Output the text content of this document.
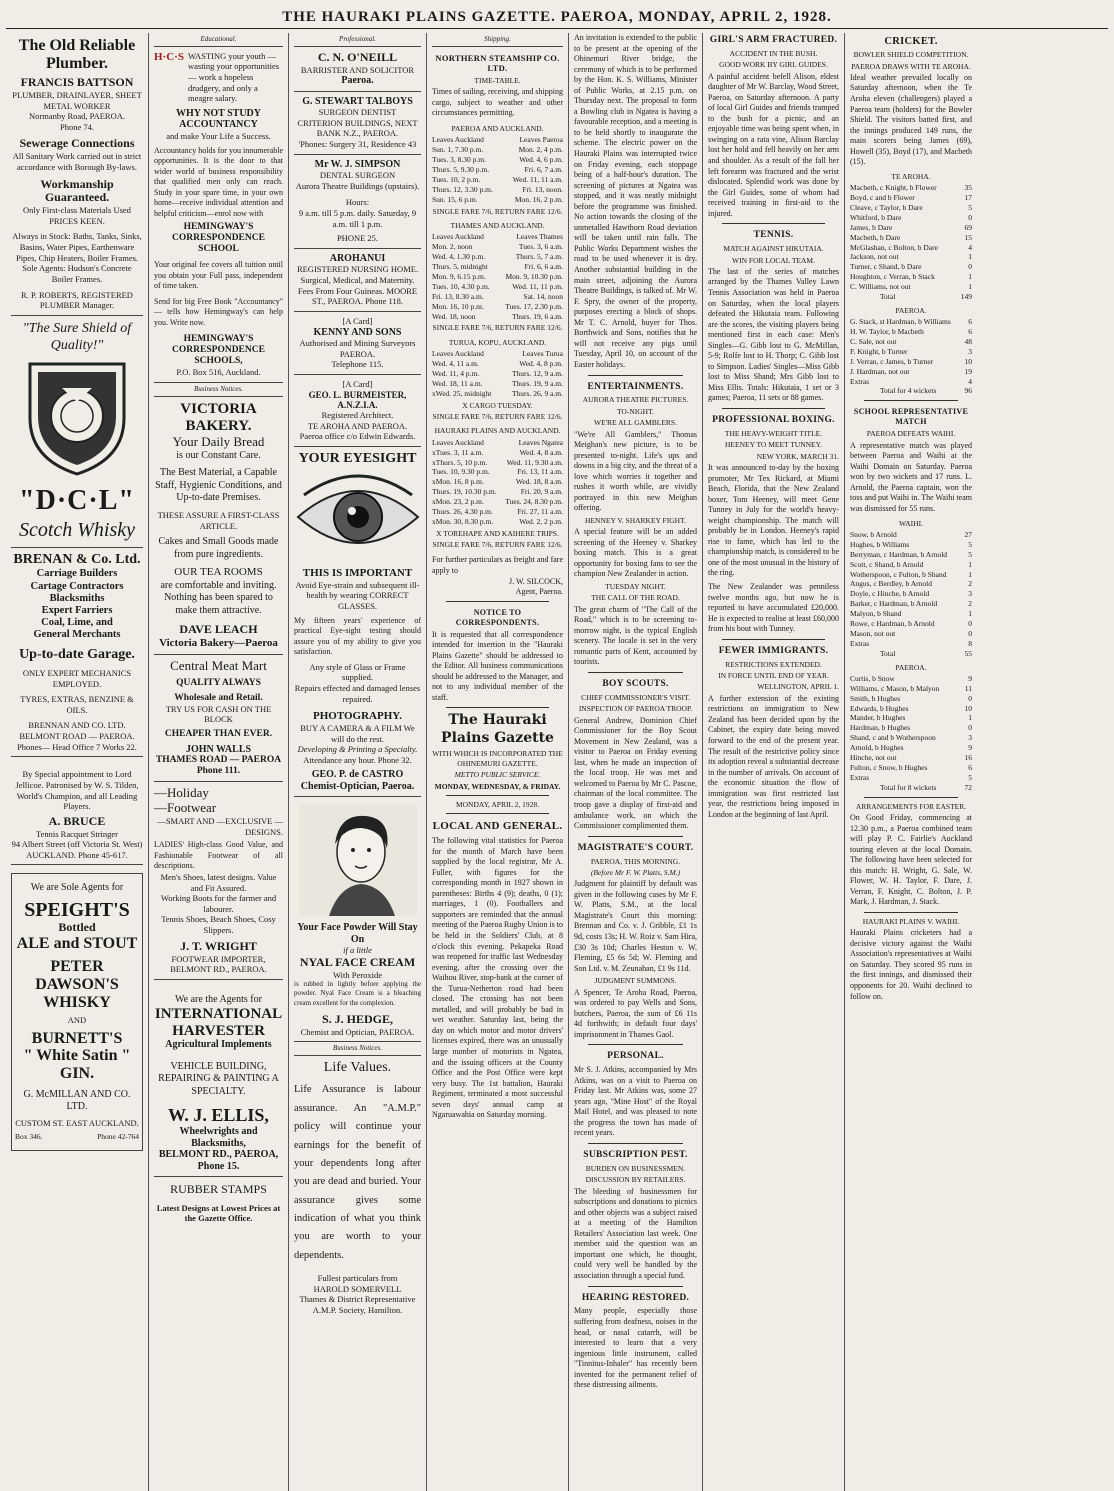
THE HAURAKI PLAINS GAZETTE. PAEROA, MONDAY, APRIL 2, 1928.
The Old Reliable Plumber.
FRANCIS BATTSON
PLUMBER, DRAINLAYER, SHEET METAL WORKER
Normanby Road, PAEROA.
Phone 74.
Sewerage Connections
All Sanitary Work carried out in strict accordance with Borough By-laws.
Workmanship Guaranteed.
Only First-class Materials Used PRICES KEEN.
Always in Stock: Baths, Tanks, Sinks, Basins, Water Pipes, Earthenware Pipes, Chip Heaters, Boiler Frames.
Sole Agents: Hudson's Concrete Boiler Frames.
R. P. ROBERTS, REGISTERED PLUMBER Manager.
"The Sure Shield of Quality!"
"D·C·L"
Scotch Whisky
BRENAN & Co. Ltd.
Carriage Builders
Cartage Contractors
Blacksmiths
Expert Farriers
Coal, Lime, and
General Merchants
Up-to-date Garage.
ONLY EXPERT MECHANICS EMPLOYED.
TYRES, EXTRAS, BENZINE & OILS.
BRENNAN AND CO. LTD. BELMONT ROAD — PAEROA. Phones— Head Office 7 Works 22.
By Special appointment to Lord Jellicoe. Patronised by W. S. Tilden, World's Champion, and all Leading Players.
A. BRUCE
Tennis Racquet Stringer
94 Albert Street (off Victoria St. West) AUCKLAND. Phone 45-617.
We are Sole Agents for
SPEIGHT'S
Bottled
ALE and STOUT
PETER
DAWSON'S
WHISKY
AND
BURNETT'S
" White Satin "
GIN.
G. McMILLAN AND CO. LTD.
CUSTOM ST. EAST AUCKLAND.
Box 346.	Phone 42-764
Educational.
H·C·S WASTING your youth — wasting your opportunities — work a hopeless drudgery, and only a meagre salary.
WHY NOT STUDY ACCOUNTANCY
and make Your Life a Success.
Accountancy holds for you innumerable opportunities. It is the door to that wider world of business responsibility that qualified men only can reach. Study in your spare time, in your own home—receive individual attention and helpful criticism—enrol now with
HEMINGWAY'S CORRESPONDENCE SCHOOL
Your original fee covers all tuition until you obtain your Full pass, independent of time taken.
Send for big Free Book "Accountancy" — tells how Hemingway's can help you. Write now.
HEMINGWAY'S CORRESPONDENCE SCHOOLS,
P.O. Box 516, Auckland.
Business Notices.
VICTORIA BAKERY.
Your Daily Bread
is our Constant Care.
The Best Material, a Capable Staff, Hygienic Conditions, and Up-to-date Premises.
THESE ASSURE A FIRST-CLASS ARTICLE.
Cakes and Small Goods made from pure ingredients.
OUR TEA ROOMS
are comfortable and inviting. Nothing has been spared to make them attractive.
DAVE LEACH
Victoria Bakery—Paeroa
Central Meat Mart
QUALITY ALWAYS
Wholesale and Retail.
TRY US FOR CASH ON THE BLOCK
CHEAPER THAN EVER.
JOHN WALLS
THAMES ROAD — PAEROA Phone 111.
—Holiday
—Footwear
—SMART AND —EXCLUSIVE —DESIGNS.
LADIES' High-class Good Value, and Fashionable Footwear of all descriptions.
Men's Shoes, latest designs. Value and Fit Assured.
Working Boots for the farmer and labourer.
Tennis Shoes, Beach Shoes, Cosy Slippers.
J. T. WRIGHT
FOOTWEAR IMPORTER, BELMONT RD., PAEROA.
We are the Agents for
INTERNATIONAL
HARVESTER
Agricultural Implements
VEHICLE BUILDING, REPAIRING & PAINTING A SPECIALTY.
W. J. ELLIS,
Wheelwrights and Blacksmiths,
BELMONT RD., PAEROA,
Phone 15.
RUBBER STAMPS
Latest Designs at Lowest Prices at the Gazette Office.
Professional.
C. N. O'NEILL
BARRISTER AND SOLICITOR
Paeroa.
G. STEWART TALBOYS
SURGEON DENTIST
CRITERION BUILDINGS, NEXT BANK N.Z., PAEROA.
'Phones: Surgery 31, Residence 43
Mr W. J. SIMPSON
DENTAL SURGEON
Aurora Theatre Buildings (upstairs).
Hours:
9 a.m. till 5 p.m. daily. Saturday, 9 a.m. till 1 p.m.
PHONE 25.
AROHANUI
REGISTERED NURSING HOME.
Surgical, Medical, and Maternity. Fees From Four Guineas. MOORE ST., PAEROA. Phone 118.
[A Card]
KENNY AND SONS
Authorised and Mining Surveyors PAEROA.
Telephone 115.
[A Card]
GEO. L. BURMEISTER, A.N.Z.I.A.
Registered Architect.
TE AROHA AND PAEROA.
Paeroa office c/o Edwin Edwards.
YOUR EYESIGHT
THIS IS IMPORTANT
Avoid Eye-strain and subsequent ill-health by wearing CORRECT GLASSES.
My fifteen years' experience of practical Eye-sight testing should assure you of my ability to give you satisfaction.
Any style of Glass or Frame supplied.
Repairs effected and damaged lenses repaired.
PHOTOGRAPHY.
BUY A CAMERA & A FILM We will do the rest.
Developing & Printing a Specialty.
Attendance any hour. Phone 32.
GEO. P. de CASTRO
Chemist-Optician, Paeroa.
Your Face Powder Will Stay On
if a little
NYAL FACE CREAM
With Peroxide
is rubbed in lightly before applying the powder. Nyal Face Cream is a bleaching cream excellent for the complexion.
S. J. HEDGE,
Chemist and Optician, PAEROA.
Business Notices.
Life Values.
Life Assurance is labour assurance. An "A.M.P." policy will continue your earnings for the benefit of your dependents long after you are dead and buried. Your assurance gives some indication of what you think you are worth to your dependents.
Fullest particulars from
HAROLD SOMERVELL
Thames & District Representative A.M.P. Society, Hamilton.
Shipping.
NORTHERN STEAMSHIP CO. LTD.
TIME-TABLE.

Times of sailing, receiving, and shipping cargo, subject to weather and other circumstances permitting.

PAEROA AND AUCKLAND.
Leaves Auckland	Leaves Paeroa
Sun. 1, 7.30 p.m.	Mon. 2, 4 p.m.
Tues. 3, 8.30 p.m.	Wed. 4, 6 p.m.
Thurs. 5, 9.30 p.m.	Fri. 6, 7 a.m.
Tues. 10, 2 p.m.	Wed. 11, 11 a.m.
Thurs. 12, 3.30 p.m.	Fri. 13, noon.
Sun. 15, 6 p.m.	Mon. 16, 2 p.m.
SINGLE FARE 7/6, RETURN FARE 12/6.
THAMES AND AUCKLAND.
Leaves Auckland	Leaves Thames
Mon. 2, noon	Tues. 3, 6 a.m.
Wed. 4, 1.30 p.m.	Thurs. 5, 7 a.m.
Thurs. 5, midnight	Fri. 6, 6 a.m.
Mon. 9, 6.15 p.m.	Mon. 9, 10.30 p.m.
Tues. 10, 4.30 p.m.	Wed. 11, 11 p.m.
Fri. 13, 8.30 a.m.	Sat. 14, noon
Mon. 16, 10 p.m.	Tues. 17, 2.30 p.m.
Wed. 18, noon	Thurs. 19, 6 a.m.
SINGLE FARE 7/6, RETURN FARE 12/6.
TURUA, KOPU, AUCKLAND.
Leaves Auckland	Leaves Turua
Wed. 4, 11 a.m.	Wed. 4, 8 p.m.
Wed. 11, 4 p.m.	Thurs. 12, 9 a.m.
Wed. 18, 11 a.m.	Thurs. 19, 9 a.m.
xWed. 25, midnight	Thurs. 26, 9 a.m.
X CARGO TUESDAY.
SINGLE FARE 7/6, RETURN FARE 12/6.
HAURAKI PLAINS AND AUCKLAND.
Leaves Auckland	Leaves Ngatea
xTues. 3, 11 a.m.	Wed. 4, 8 a.m.
xThurs. 5, 10 p.m.	Wed. 11, 9.30 a.m.
Tues. 10, 9.30 p.m.	Fri. 13, 11 a.m.
xMon. 16, 8 p.m.	Wed. 18, 8 a.m.
Thurs. 19, 10.30 p.m.	Fri. 20, 9 a.m.
xMon. 23, 2 p.m.	Tues. 24, 8.30 p.m.
Thurs. 26, 4.30 p.m.	Fri. 27, 11 a.m.
xMon. 30, 8.30 p.m.	Wed. 2, 2 p.m.
X TOREHAPE AND KAIHERE TRIPS.
SINGLE FARE 7/6, RETURN FARE 12/6.

For further particulars as freight and fare apply to

J. W. SILCOCK,
Agent, Paeroa.
NOTICE TO CORRESPONDENTS.

It is requested that all correspondence intended for insertion in the "Hauraki Plains Gazette" should be addressed to the Editor. All business communications should be addressed to the Manager, and not to any individual member of the staff.

The Hauraki Plains Gazette
WITH WHICH IS INCORPORATED THE OHINEMURI GAZETTE.
METTO PUBLIC SERVICE.
MONDAY, WEDNESDAY, & FRIDAY.
MONDAY, APRIL 2, 1928.
LOCAL AND GENERAL.

The following vital statistics for Paeroa for the month of March have been supplied by the local registrar, Mr A. Fuller, with figures for the corresponding month in 1927 shown in parentheses: Births 4 (9); deaths, 0 (1); marriages, 1 (0). Footballers and supporters are reminded that the annual meeting of the Paeroa Rugby Union is to be held in the Soldiers' Club, at 8 o'clock this evening. Pekapeka Road was reopened for traffic last Wednesday evening, after the crossing over the Waihou River, stop-bank at the corner of the Turua-Netherton road had been closed. The crossing has not been metalled, and will probably be bad in wet weather. Saturday last, being the day on which motor and motor drivers' licenses expired, there was an unusually large number of motorists in Ngatea, and the issuing officers at the County Office and the Post Office were kept very busy. The 1st battalion, Hauraki Regiment, terminated a most successful seven days' annual camp at Ngaruawahia on Saturday morning.

An invitation is extended to the public to be present at the opening of the Ohinemuri River bridge, the ceremony of which is to be performed by the Hon. K. S. Williams, Minister of Public Works, at 2.15 p.m. on Thursday next. The proposal to form a Bowling club in Ngatea is having a favourable reception, and a meeting is to be held shortly to inaugurate the scheme. The electric power on the Hauraki Plains was interrupted twice on Friday evening, each stoppage being of a half-hour's duration. The screening of pictures at Ngatea was stopped, and it was neatly midnight before the programme was finished. No action towards the closing of the unmetalled Hawthorn Road deviation will be taken until rain falls. The Public Works Department wishes the road to be used whenever it is dry. Another substantial building in the main street, adjoining the Aurora Theatre Buildings, is talked of. Mr W. F. Spry, the owner of the property, purposes erecting a block of shops. Mr T. C. Arnold, buyer for Thos. Borthwick and Sons, notifies that he will not receive any pigs until Tuesday, April 10, on account of the Easter holidays.

ENTERTAINMENTS.
AURORA THEATRE PICTURES.
TO-NIGHT.
WE'RE ALL GAMBLERS.

"We're All Gamblers," Thomas Meighan's new picture, is to be presented to-night. Life's ups and downs in a big city, and the threat of a love which worries it together and rushes it worth while, are vividly portrayed in this new Meighan offering.

HENNEY V. SHARKEY FIGHT.

A special feature will be an added screening of the Heeney v. Sharkey boxing match. This is a great opportunity for boxing fans to see the champion New Zealander in action.

TUESDAY NIGHT.
THE CALL OF THE ROAD.

The great charm of "The Call of the Road," which is to be screening to-morrow night, is the typical English scenery. The locale is set in the very romantic parts of Kent, accounted by tourists.

BOY SCOUTS.
CHIEF COMMISSIONER'S VISIT.
INSPECTION OF PAEROA TROOP.

General Andrew, Dominion Chief Commissioner for the Boy Scout Movement in New Zealand, was a visitor to Paeroa on Friday evening last, when he made an inspection of the local troop. He was met and welcomed to Paeroa by Mr C. Pascoe, chairman of the local committee. The troop gave a display of first-aid and ambulance work, on which the Commissioner complimented them.

MAGISTRATE'S COURT.
PAEROA, THIS MORNING.
(Before Mr F. W. Platts, S.M.)

Judgment for plaintiff by default was given in the following cases by Mr F. W. Platts, S.M., at the local Magistrate's Court this morning: Brennan and Co. v. J. Gribble, £1 1s 9d, costs 13s; H. W. Roiz v. Sam Hira, £30 3s 10d; Charles Heston v. W. Fleming, £5 6s 5d; W. Fleming and Son Ltd. v. M. Zeunahan, £1 9s 11d.

JUDGMENT SUMMONS.

A Spencer, Te Aroha Road, Paeroa, was ordered to pay Wells and Sons, butchers, Paeroa, the sum of £6 11s 4d forthwith; in default four days' imprisonment in Thames Gaol.

PERSONAL.

Mr S. J. Atkins, accompanied by Mrs Atkins, was on a visit to Paeroa on Friday last. Mr Atkins was, some 27 years ago, "Mine Host" of the Royal Mail Hotel, and was pleased to note the progress the town has made of recent years.

SUBSCRIPTION PEST.
BURDEN ON BUSINESSMEN.
DISCUSSION BY RETAILERS.

The bleeding of businessmen for subscriptions and donations to picnics and other objects was a subject raised at a meeting of the Hamilton Retailers' Association last week. One member said the question was an important one which, he thought, could very well be handled by the association through a special fund.

HEARING RESTORED.

Many people, especially those suffering from deafness, noises in the head, or nasal catarrh, will be interested to learn that a very ingenious little instrument, called "Tinnitus-Inhaler" has recently been invented for the permanent relief of these distressing ailments.

GIRL'S ARM FRACTURED.
ACCIDENT IN THE BUSH.
GOOD WORK BY GIRL GUIDES.

A painful accident befell Alison, eldest daughter of Mr W. Barclay, Wood Street, Paeroa, on Saturday afternoon. A party of local Girl Guides and friends tramped to the bush for a picnic, and an enjoyable time was being spent when, in swinging on a rata vine, Alison Barclay lost her hold and fell heavily on her arm and shoulder. As a result of the fall her left forearm was fractured and the wrist dislocated. Splendid work was done by the Girl Guides, some of whom had received training in first-aid to the injured.

TENNIS.
MATCH AGAINST HIKUTAIA.
WIN FOR LOCAL TEAM.

The last of the series of matches arranged by the Thames Valley Lawn Tennis Association was held in Paeroa on Saturday, when the local players defeated the Hikutaia team. Following are the scores, the visiting players being mentioned first in each case: Men's Singles—G. Gibb lost to G. McMillan, 5-9; Rolfe lost to H. Thorp; C. Gibb lost to Simpson. Ladies' Singles—Miss Gibb lost to Miss Shand; Mrs Gibb lost to Miss Ellis. Totals: Hikutaia, 1 set or 3 games; Paeroa, 11 sets or 88 games.

PROFESSIONAL BOXING.
THE HEAVY-WEIGHT TITLE.
HEENEY TO MEET TUNNEY.
NEW YORK, MARCH 31.

It was announced to-day by the boxing promoter, Mr Tex Rickard, at Miami Beach, Florida, that the New Zealand boxer, Tom Heeney, will meet Gene Tunney in July for the world's heavy-weight championship. The match will probably be in London. Heeney's rapid rise to fame, which has led to the championship match, is considered to be one of the most unusual in the history of the ring.

The New Zealander was penniless twelve months ago, but now he is reported to have accumulated £20,000. He is expected to realise at least £60,000 from his bout with Tunney.

FEWER IMMIGRANTS.
RESTRICTIONS EXTENDED.
IN FORCE UNTIL END OF YEAR.
WELLINGTON, APRIL 1.

A further extension of the existing restrictions on immigration to New Zealand has been decided upon by the Cabinet, the expiry date being moved forward to the end of the present year. The result of the restrictive policy since its adoption reveal a substantial decrease in the number of arrivals. On account of the economic situation the flow of immigration was first restricted last year, the restrictions being imposed in London at the beginning of last April.

CRICKET.
BOWLER SHIELD COMPETITION.
PAEROA DRAWS WITH TE AROHA.

Ideal weather prevailed locally on Saturday afternoon, when the Te Aroha eleven (challengers) played a Paeroa team (holders) for the Bowler Shield. The visitors batted first, and the innings produced 149 runs, the main scorers being James (69), Howell (35), Boyd (17), and Macbeth (15).

TE AROHA.
Macbeth, c Knight, b Flower	35
Boyd, c and b Flower	17
Cleave, c Taylor, b Dare	5
Whitford, b Dare	0
James, b Dare	69
Macbeth, b Dare	15
McGlashan, c Bolton, b Dare	4
Jackson, not out	1
Turner, c Shand, b Dare	0
Houghton, c Verran, b Stack	1
C. Williams, not out	1
Total	149
PAEROA.
G. Stack, st Hardman, b Williams 6
H. W. Taylor, b Macbeth	6
C. Sale, not out	48
F. Knight, b Turner	3
J. Verran, c James, b Turner	10
J. Hardman, not out	19
Extras	4
Total for 4 wickets	96
SCHOOL REPRESENTATIVE MATCH
PAEROA DEFEATS WAIHI.

A representative match was played between Paeroa and Waihi at the Waihi Domain on Saturday. Paeroa won by two wickets and 17 runs. L. Arnold, the Paeroa captain, won the toss and put Waihi in. The Waihi team was dismissed for 55 runs.

WAIHI.
Snow, b Arnold	27
Hughes, b Williams	5
Berryman, c Hardman, b Arnold	5
Scott, c Shand, b Arnold	1
Wotherspoon, c Fulton, b Shand	1
Angus, c Berdley, b Arnold	2
Doyle, c Hinche, b Arnold	3
Barker, c Hardman, b Arnold	2
Malyon, b Shand	1
Rowe, c Hardman, b Arnold	0
Mason, not out	0
Extras	8
Total	55
PAEROA.
Curtis, b Snow	9
Williams, c Mason, b Malyon	11
Smith, b Hughes	0
Edwards, b Hughes	10
Mander, b Hughes	1
Hardman, b Hughes	0
Shand, c and b Wotherspoon	3
Arnold, b Hughes	9
Hinche, not out	16
Fulton, c Snow, b Hughes	6
Extras	5
Total for 8 wickets	72
ARRANGEMENTS FOR EASTER.

On Good Friday, commencing at 12.30 p.m., a Paeroa combined team will play P. C. Fairlie's Auckland touring eleven at the local Domain. The following have been selected for this match: H. Wright, G. Sale, W. Flower, W. H. Taylor, F. Dare, J. Verran, F. Knight, C. Bolton, J. P. Mark, J. Hardman, J. Stack.

HAURAKI PLAINS V. WAIHI.

Hauraki Plains cricketers had a decisive victory against the Waihi Association's representatives at Waihi on Saturday. They scored 95 runs in the first innings, and dismissed their opponents for 20. Waihi declined to follow on.
